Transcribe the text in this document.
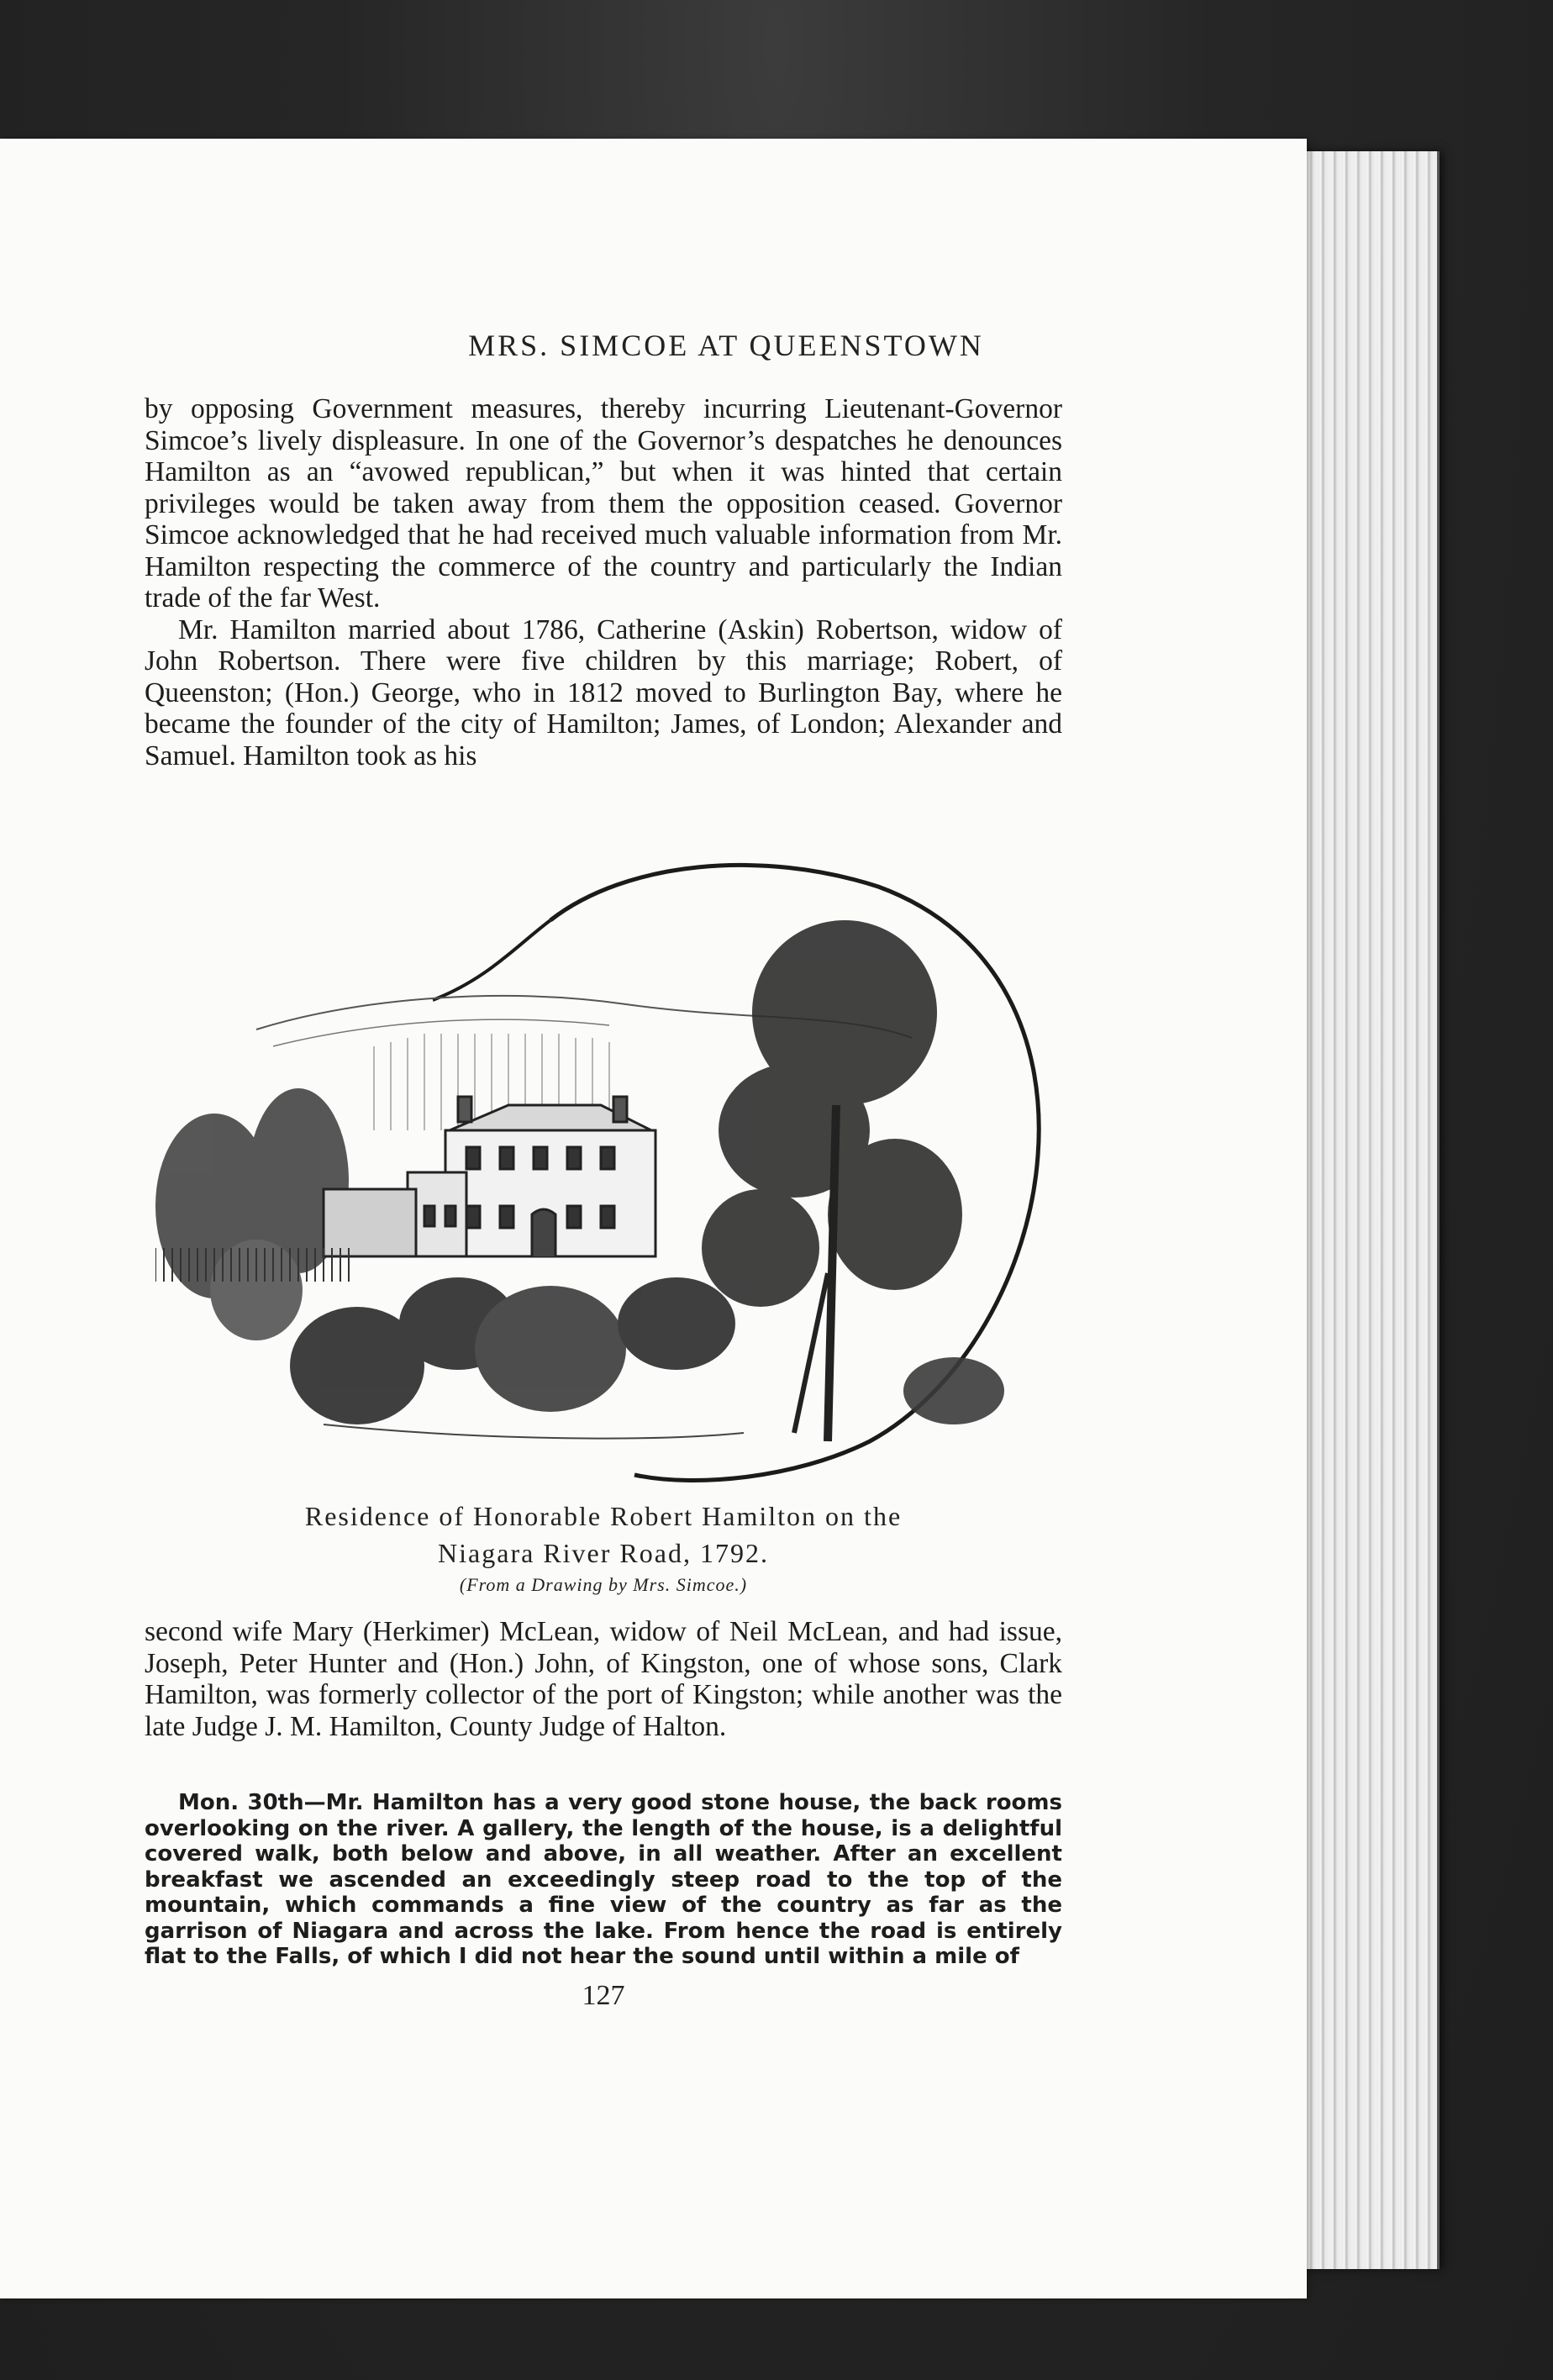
MRS. SIMCOE AT QUEENSTOWN

by opposing Government measures, thereby incurring Lieutenant-Governor Simcoe’s lively displeasure. In one of the Governor’s despatches he denounces Hamilton as an “avowed republican,” but when it was hinted that certain privileges would be taken away from them the opposition ceased. Governor Simcoe acknowledged that he had received much valuable information from Mr. Hamilton respecting the commerce of the country and particularly the Indian trade of the far West.

Mr. Hamilton married about 1786, Catherine (Askin) Robertson, widow of John Robertson. There were five children by this marriage; Robert, of Queenston; (Hon.) George, who in 1812 moved to Burlington Bay, where he became the founder of the city of Hamilton; James, of London; Alexander and Samuel. Hamilton took as his

Residence of Honorable Robert Hamilton on the
Niagara River Road, 1792.
(From a Drawing by Mrs. Simcoe.)

second wife Mary (Herkimer) McLean, widow of Neil McLean, and had issue, Joseph, Peter Hunter and (Hon.) John, of Kingston, one of whose sons, Clark Hamilton, was formerly collector of the port of Kingston; while another was the late Judge J. M. Hamilton, County Judge of Halton.

Mon. 30th—Mr. Hamilton has a very good stone house, the back rooms overlooking on the river. A gallery, the length of the house, is a delightful covered walk, both below and above, in all weather. After an excellent breakfast we ascended an exceedingly steep road to the top of the mountain, which commands a fine view of the country as far as the garrison of Niagara and across the lake. From hence the road is entirely flat to the Falls, of which I did not hear the sound until within a mile of

127
